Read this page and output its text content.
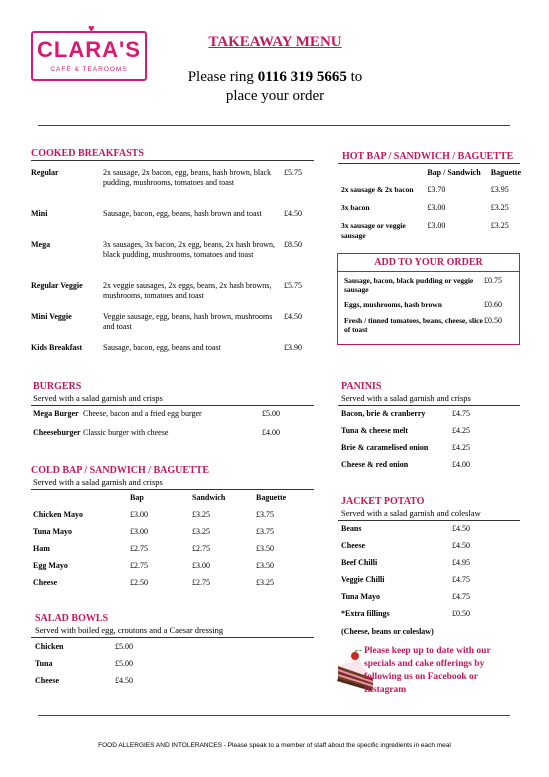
♥
CLARA'S
CAFÉ & TEAROOMS
TAKEAWAY MENU
Please ring 0116 319 5665 to
place your order
COOKED BREAKFASTS
Regular	2x sausage, 2x bacon, egg, beans, hash brown, black pudding, mushrooms, tomatoes and toast	£5.75
Mini	Sausage, bacon, egg, beans, hash brown and toast	£4.50
Mega	3x sausages, 3x bacon, 2x egg, beans, 2x hash brown, black pudding, mushrooms, tomatoes and toast	£8.50
Regular Veggie	2x veggie sausages, 2x eggs, beans, 2x hash browns, mushrooms, tomatoes and toast	£5.75
Mini Veggie	Veggie sausage, egg, beans, hash brown, mushrooms and toast	£4.50
Kids Breakfast	Sausage, bacon, egg, beans and toast	£3.90
HOT BAP / SANDWICH / BAGUETTE
	Bap / Sandwich	Baguette
2x sausage & 2x bacon	£3.70	£3.95
3x bacon	£3.00	£3.25
3x sausage or veggie sausage	£3.00	£3.25
ADD TO YOUR ORDER
Sausage, bacon, black pudding or veggie sausage	£0.75
Eggs, mushrooms, hash brown	£0.60
Fresh / tinned tomatoes, beans, cheese, slice of toast	£0.50
BURGERS
Served with a salad garnish and crisps
Mega Burger	Cheese, bacon and a fried egg burger	£5.00
Cheeseburger	Classic burger with cheese	£4.00
PANINIS
Served with a salad garnish and crisps
Bacon, brie & cranberry	£4.75
Tuna & cheese melt	£4.25
Brie & caramelised onion	£4.25
Cheese & red onion	£4.00
COLD BAP / SANDWICH / BAGUETTE
Served with a salad garnish and crisps
	Bap	Sandwich	Baguette
Chicken Mayo	£3.00	£3.25	£3.75
Tuna Mayo	£3.00	£3.25	£3.75
Ham	£2.75	£2.75	£3.50
Egg Mayo	£2.75	£3.00	£3.50
Cheese	£2.50	£2.75	£3.25
JACKET POTATO
Served with a salad garnish and coleslaw
Beans	£4.50
Cheese	£4.50
Beef Chilli	£4.95
Veggie Chilli	£4.75
Tuna Mayo	£4.75
*Extra fillings	£0.50
(Cheese, beans or coleslaw)
SALAD BOWLS
Served with boiled egg, croutons and a Caesar dressing
Chicken	£5.00
Tuna	£5.00
Cheese	£4.50
Please keep up to date with our specials and cake offerings by following us on Facebook or Instagram
FOOD ALLERGIES AND INTOLERANCES - Please speak to a member of staff about the specific ingredients in each meal
